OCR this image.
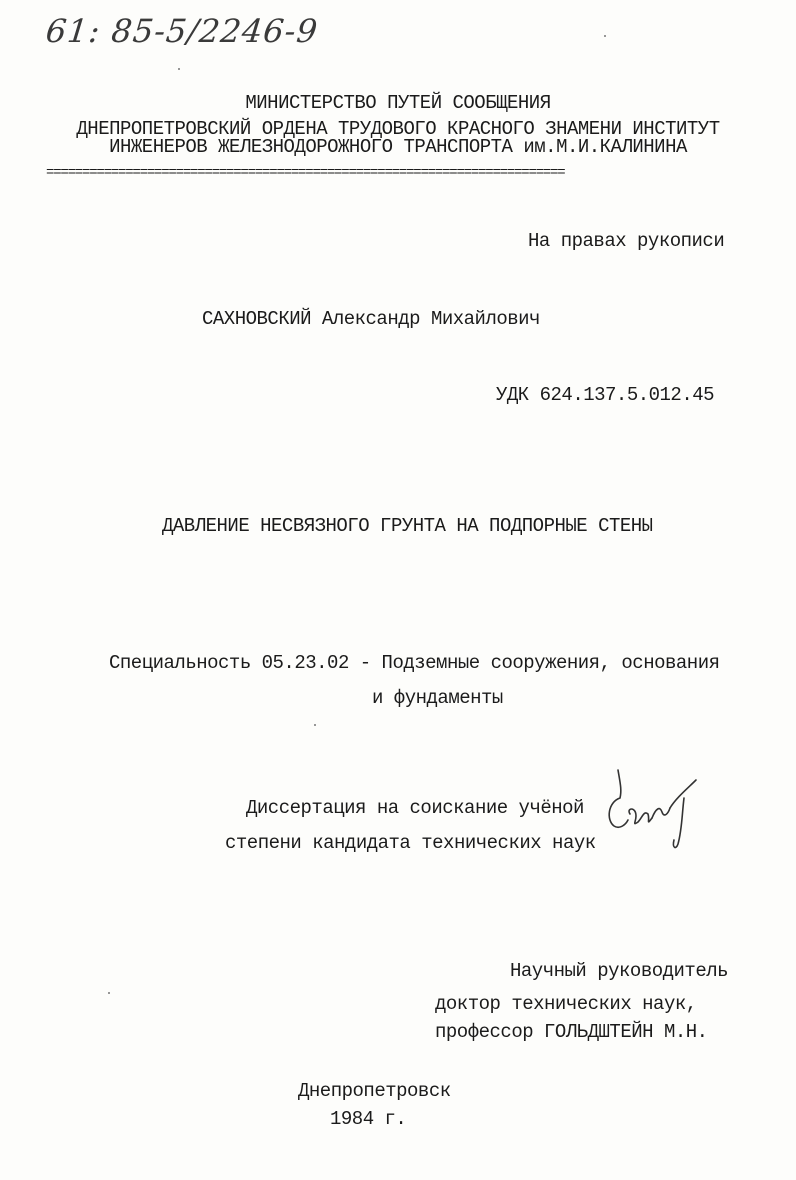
61: 85-5/2246-9
МИНИСТЕРСТВО ПУТЕЙ СООБЩЕНИЯ
ДНЕПРОПЕТРОВСКИЙ ОРДЕНА ТРУДОВОГО КРАСНОГО ЗНАМЕНИ ИНСТИТУТ
ИНЖЕНЕРОВ ЖЕЛЕЗНОДОРОЖНОГО ТРАНСПОРТА им.М.И.КАЛИНИНА
========================================================================
На правах рукописи
САХНОВСКИЙ Александр Михайлович
УДК 624.137.5.012.45
ДАВЛЕНИЕ НЕСВЯЗНОГО ГРУНТА НА ПОДПОРНЫЕ СТЕНЫ
Специальность 05.23.02 - Подземные сооружения, основания
и фундаменты
Диссертация на соискание учёной
степени кандидата технических наук
Научный руководитель
доктор технических наук,
профессор ГОЛЬДШТЕЙН М.Н.
Днепропетровск
1984 г.
